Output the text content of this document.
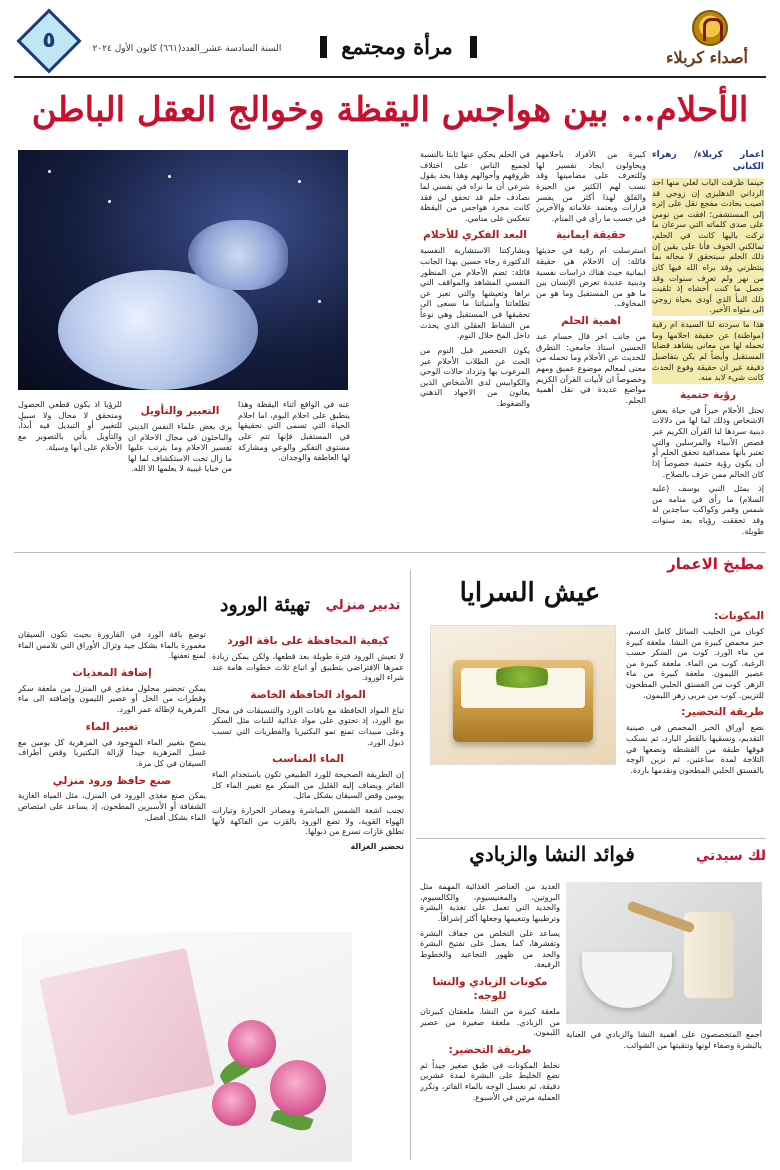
أصداء كربلاء
مرأة ومجتمع
السنة السادسة عشر_العدد(٦٦١) كانون الأول ٢٠٢٤
٥
الأحلام... بين هواجس اليقظة وخوالج العقل الباطن
اعمار كربلاء/ زهراء الكناني

حينما طرقت الباب لعلي منها احد الرداني الدهليزي إن زوجي قد اصيب بحادث مفجع نقل على إثره إلى المستشفى؛ افقت من نومي على صدى كلماته التي سرعان ما تركت باليها كانت في الحلم، تمالكني الخوف فأنا على يقين إن ذلك الحلم سيتحقق لا محاله بما ينتظرني وقد يراه الله فيها كان من نهر ولم تعرف سنوات وقد حصل ما كنت أخشاه إذ تلقيت ذلك النبأ الذي أودى بحياة زوجي الى مثواه الأخير.

هذا ما سردته لنا السيدة ام رقية (مواطنة) عن حقيقة احلامها وما تحمله لها من معاني يشاهد قضايا المستقبل وأيضاً لم يكن بتفاصيل دقيقة غير ان حقيقة وقوع الحدث كانت شيء لابد منه.

رؤية حتمية

تحتل الأحلام حيزاً في حياة بعض الاشخاص وذلك لما لها من دلالات دينية سردها لنا القرآن الكريم عبر قصص الأنبياء والمرسلين والتي تعتبر بأنها مصداقية تحقق الحلم أو أن يكون رؤية حتمية خصوصاً إذا كان الحالم ممن عرف بالصلاح.

إذ يمثل النبي يوسف (عليه السلام) ما رأى في منامه من شمس وقمر وكواكب ساجدين له وقد تحققت رؤياه بعد سنوات طويلة.

كبيرة من الأفراد بأحلامهم ويحاولون ايجاد تفسير لها وللتعرف على مضامينها وقد نسب لهم الكثير من الحيرة والقلق لهذا أكثر من يفسر قرارات ويعتمد علاماته والآخرين في حسب ما رأى في المنام.

حقيقة ايمانية

استرسلت ام رقية في حديثها قائلة: إن الاحلام هي حقيقة ايمانية حيث هناك دراسات نفسية ودينية عديدة تعرض الإنسان بين ما هو من المستقبل وما هو من المخاوف.

اهمية الحلم

من جانب اخر قال حسام عبد الحسين استاذ جامعي: التطرق للحديث عن الأحلام وما تحمله من معنى لمعالم موضوع عميق ومهم وخصوصاً ان لأبيات القرآن الكريم مواضع عديدة في نقل أهمية الحلم.

في الحلم يحكي عنها ثابتا بالنسبة لجميع الناس على اختلاف ظروفهم وأحوالهم وهذا بحد بقول شرعي أن ما نراه في نفسي لما نصادف حلم قد تحقق لي فقد كانت مجرد هواجس من اليقظة تنعكس على منامي.

البعد الفكري للأحلام

وبشاركتنا الاستشارية النفسية الدكتورة رجاء حسين بهذا الجانب قائلة: تضم الأحلام من المنظور النفسي المشاهد والمواقف التي نراها وتعيشها والتي تعبر عن تطلعاتنا وأمنياتنا ما نسعى الى تحقيقها في المستقبل وهي نوعاً من النشاط العقلي الذي يحدث داخل المخ خلال النوم.

يكون التحضير قبل النوم من الحث عن الطلاب الأحلام غير المرغوب بها وتزداد حالات الوحي والكوابيس لدى الأشخاص الذين يعانون من الاجهاد الذهني والضغوط.

عنه في الواقع أثناء اليقظة وهذا ينطبق على احلام اليوم، اما احلام الحياة التي تسمى التي نحقيقها في المستقبل فإنها تتم على مستوى التفكير والوعي ومشاركة لها العاطفة والوجدان.

التعبير والتأويل

يرى بعض علماء النفس الديني والباحثون في مجال الاحلام ان تفسير الاحلام وما يترتب عليها ما زال تحت الاستكشاف لما لها من خبايا غيبية لا يعلمها الا الله.

للرؤيا اذ يكون قطعي الحصول ومتحقق لا محال ولا سبيل للتغيير أو التبديل فيه أبداً، والتأويل يأتي بالتصوير مع الأحلام على أنها وسيلة.

مطبخ الاعمار
عيش السرايا
المكونات:

كوبان من الحليب السائل كامل الدسم. خبز محمص كبيرة من النشا. ملعقة كبيرة من ماء الورد. كوب من السكر حسب الرغبة. كوب من الماء. ملعقة كبيرة من عصير الليمون. ملعقة كبيرة من ماء الزهر. كوب من الفستق الحلبي المطحون للتزيين. كوب من مربى زهر الليمون.

طريقة التحضير:

نضع أوراق الخبز المحمص في صينية التقديم، ونسقيها بالقطر البارد، ثم نسكب فوقها طبقة من القشطة ونضعها في الثلاجة لمدة ساعتين، ثم نزين الوجه بالفستق الحلبي المطحون ونقدمها باردة.

تدبير منزلي
تهيئة الورود
كيفية المحافظة على باقة الورد

لا تعيش الورود فترة طويلة بعد قطعها، ولكن يمكن زيادة عمرها الافتراضي بتطبيق أو اتباع ثلاث خطوات هامة عند شراء الورود.

المواد الحافظة الخاصة

تباع المواد الحافظة مع باقات الورد والتنسيقات في محال بيع الورد، إذ تحتوي على مواد غذائية للنبات مثل السكر وعلى مبيدات تمنع نمو البكتيريا والفطريات التي تسبب ذبول الورد.

الماء المناسب

إن الطريقة الصحيحة للورد الطبيعي تكون باستخدام الماء الفاتر ويضاف إليه القليل من السكر مع تغيير الماء كل يومين وقص السيقان بشكل مائل.

تجنب اشعة الشمس المباشرة ومصادر الحرارة وتيارات الهواء القوية، ولا تضع الورود بالقرب من الفاكهة لأنها تطلق غازات تسرع من ذبولها.

تحضير الغزالة

توضع باقة الورد في القارورة بحيث تكون السيقان مغمورة بالماء بشكل جيد وتزال الأوراق التي تلامس الماء لمنع تعفنها.

إضافة المغذيات

يمكن تحضير محلول مغذي في المنزل من ملعقة سكر وقطرات من الخل أو عصير الليمون وإضافته الى ماء المزهرية لإطالة عمر الورد.

تغيير الماء

ينصح بتغيير الماء الموجود في المزهرية كل يومين مع غسل المزهرية جيداً لإزالة البكتيريا وقص أطراف السيقان في كل مرة.

صنع حافظ ورود منزلي

يمكن صنع مغذي الورود في المنزل، مثل المياه الغازية الشفافة أو الأسبرين المطحون، إذ يساعد على امتصاص الماء بشكل أفضل.

لك سيدتي
فوائد النشا والزبادي

العديد من العناصر الغذائية المهمة مثل البروتين، والمغنيسيوم، والكالسيوم، والحديد التي تعمل على تغذية البشرة وترطيبها وتنعيمها وجعلها أكثر إشراقاً.

يساعد على التخلص من جفاف البشرة وتقشرها، كما يعمل على تفتيح البشرة والحد من ظهور التجاعيد والخطوط الرفيعة.

مكونات الزبادي والنشا للوجه:

ملعقة كبيرة من النشا. ملعقتان كبيرتان من الزبادي. ملعقة صغيرة من عصير الليمون.

طريقة التحضير:

نخلط المكونات في طبق صغير جيداً ثم نضع الخليط على البشرة لمدة عشرين دقيقة، ثم نغسل الوجه بالماء الفاتر، ونكرر العملية مرتين في الأسبوع.

أجمع المتخصصون على أهمية النشا والزبادي في العناية بالبشرة وصفاء لونها وتنقيتها من الشوائب.
